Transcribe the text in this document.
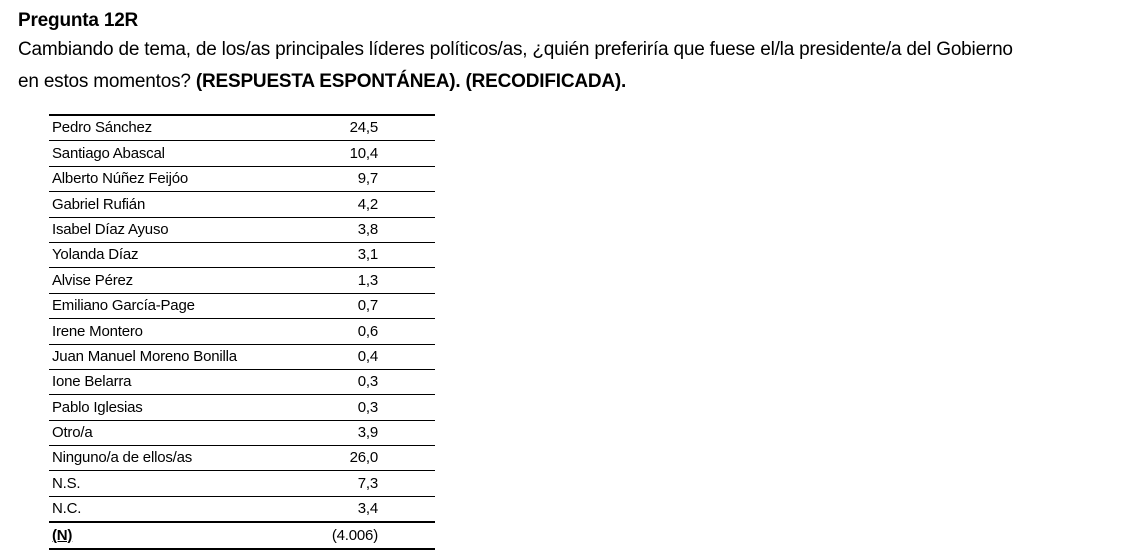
Pregunta 12R

Cambiando de tema, de los/as principales líderes políticos/as, ¿quién preferiría que fuese el/la presidente/a del Gobierno
en estos momentos? (RESPUESTA ESPONTÁNEA). (RECODIFICADA).

Pedro Sánchez	24,5
Santiago Abascal	10,4
Alberto Núñez Feijóo	9,7
Gabriel Rufián	4,2
Isabel Díaz Ayuso	3,8
Yolanda Díaz	3,1
Alvise Pérez	1,3
Emiliano García-Page	0,7
Irene Montero	0,6
Juan Manuel Moreno Bonilla	0,4
Ione Belarra	0,3
Pablo Iglesias	0,3
Otro/a	3,9
Ninguno/a de ellos/as	26,0
N.S.	7,3
N.C.	3,4
(N)	(4.006)
